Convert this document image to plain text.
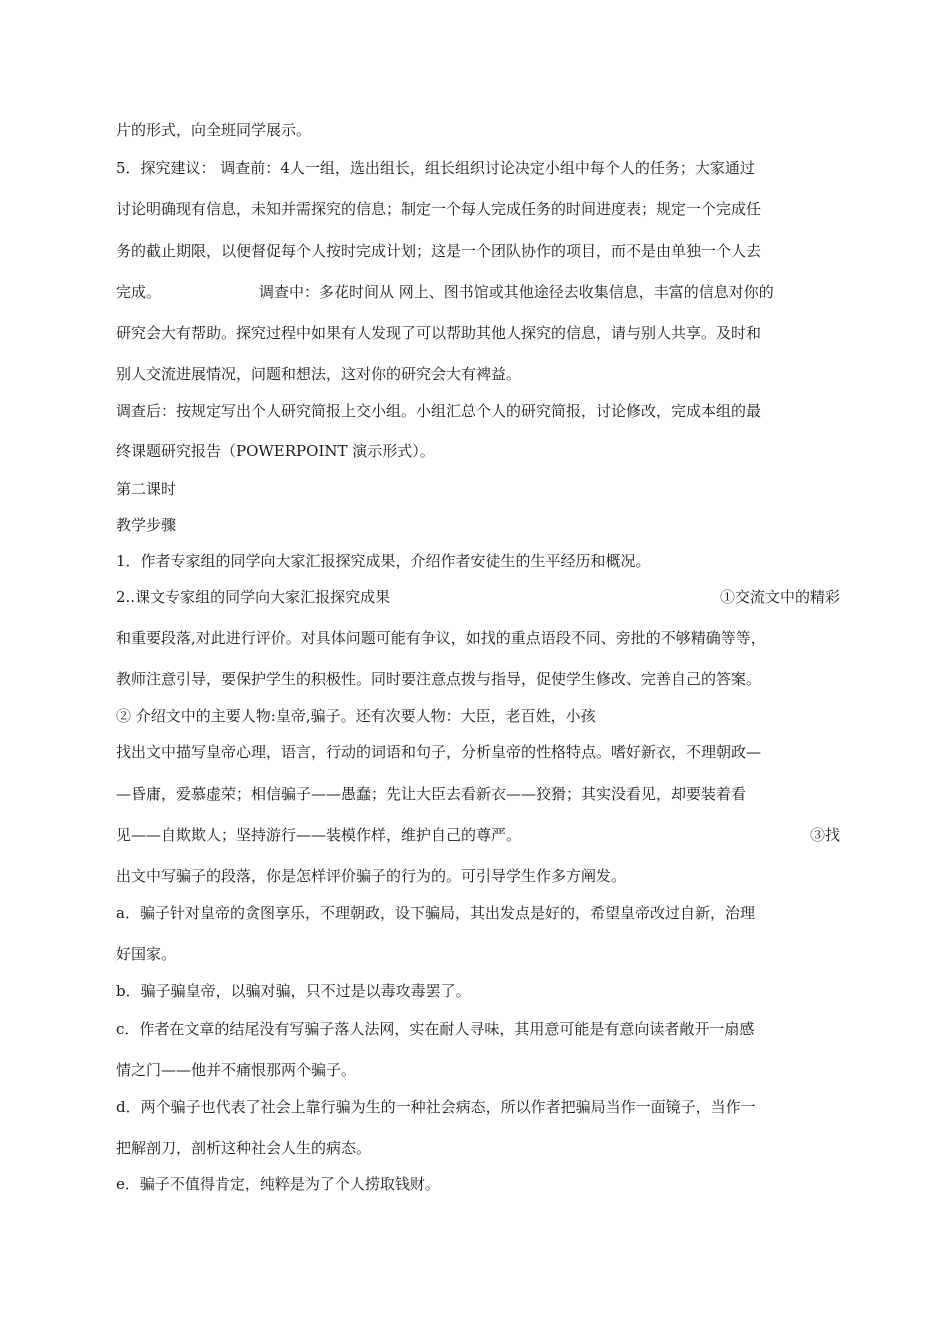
片的形式，向全班同学展示。
5．探究建议： 调查前：4人一组，选出组长，组长组织讨论决定小组中每个人的任务；大家通过
讨论明确现有信息，未知并需探究的信息；制定一个每人完成任务的时间进度表；规定一个完成任
务的截止期限，以便督促每个人按时完成计划；这是一个团队协作的项目，而不是由单独一个人去
完成。	调查中：多花时间从 网上、图书馆或其他途径去收集信息，丰富的信息对你的
研究会大有帮助。探究过程中如果有人发现了可以帮助其他人探究的信息，请与别人共享。及时和
别人交流进展情况，问题和想法，这对你的研究会大有裨益。
调查后：按规定写出个人研究简报上交小组。小组汇总个人的研究简报，讨论修改，完成本组的最
终课题研究报告（POWERPOINT 演示形式）。
第二课时
教学步骤
1．作者专家组的同学向大家汇报探究成果，介绍作者安徒生的生平经历和概况。
2..课文专家组的同学向大家汇报探究成果	①交流文中的精彩
和重要段落,对此进行评价。对具体问题可能有争议，如找的重点语段不同、旁批的不够精确等等，
教师注意引导，要保护学生的积极性。同时要注意点拨与指导，促使学生修改、完善自己的答案。
② 介绍文中的主要人物:皇帝,骗子。还有次要人物：大臣，老百姓，小孩
找出文中描写皇帝心理，语言，行动的词语和句子，分析皇帝的性格特点。嗜好新衣，不理朝政—
—昏庸，爱慕虚荣；相信骗子——愚蠢；先让大臣去看新衣——狡猾；其实没看见，却要装着看
见——自欺欺人；坚持游行——装模作样，维护自己的尊严。	③找
出文中写骗子的段落，你是怎样评价骗子的行为的。可引导学生作多方阐发。
a．骗子针对皇帝的贪图享乐，不理朝政，设下骗局，其出发点是好的，希望皇帝改过自新，治理
好国家。
b．骗子骗皇帝，以骗对骗，只不过是以毒攻毒罢了。
c．作者在文章的结尾没有写骗子落人法网，实在耐人寻味，其用意可能是有意向读者敞开一扇感
情之门——他并不痛恨那两个骗子。
d．两个骗子也代表了社会上靠行骗为生的一种社会病态，所以作者把骗局当作一面镜子，当作一
把解剖刀，剖析这种社会人生的病态。
e．骗子不值得肯定，纯粹是为了个人捞取钱财。
